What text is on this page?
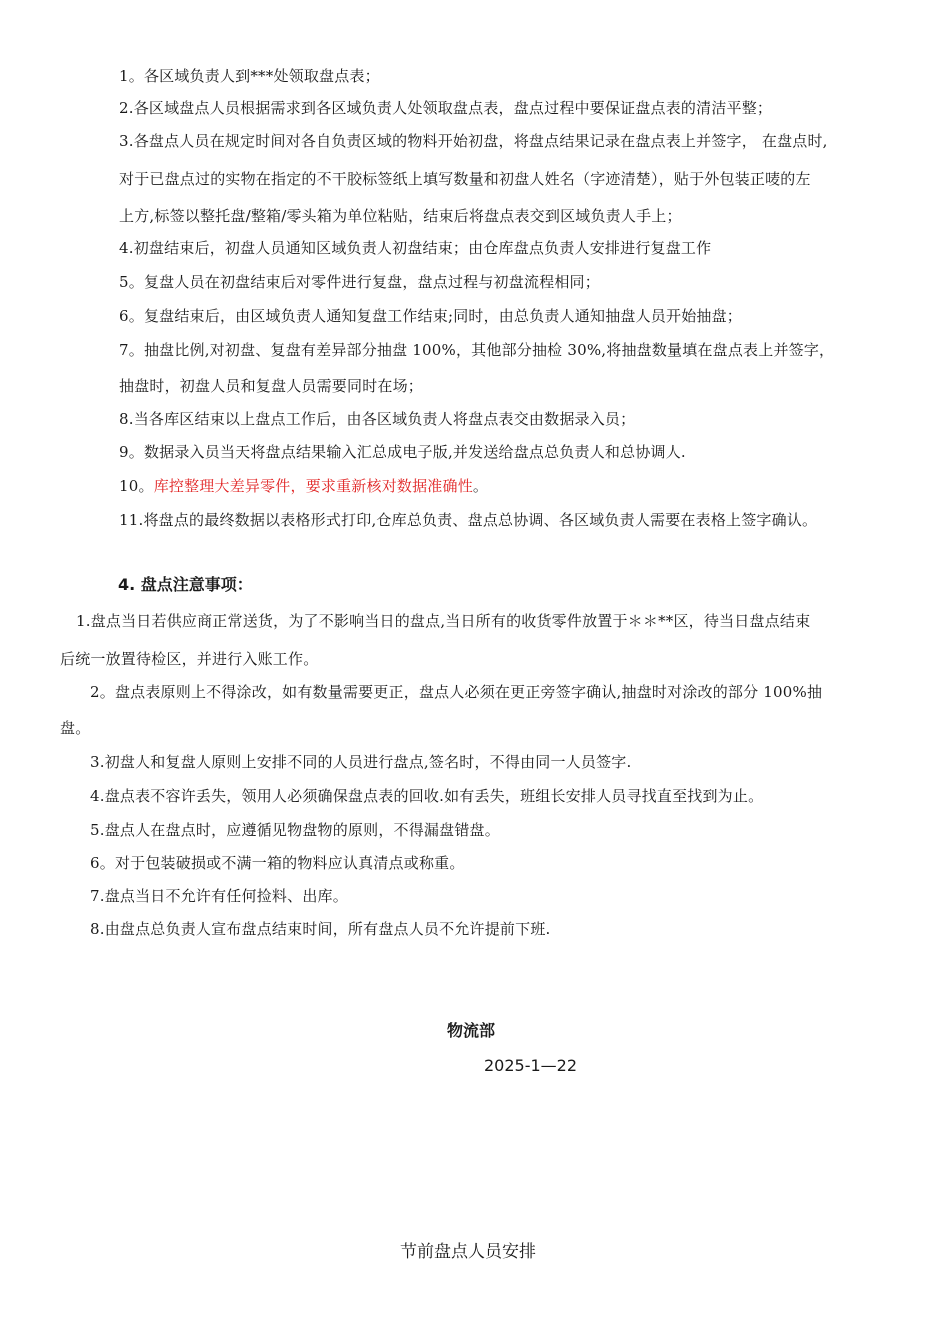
1。各区域负责人到***处领取盘点表；
2.各区域盘点人员根据需求到各区域负责人处领取盘点表，盘点过程中要保证盘点表的清洁平整；
3.各盘点人员在规定时间对各自负责区域的物料开始初盘，将盘点结果记录在盘点表上并签字， 在盘点时,
对于已盘点过的实物在指定的不干胶标签纸上填写数量和初盘人姓名（字迹清楚），贴于外包装正唛的左
上方,标签以整托盘/整箱/零头箱为单位粘贴，结束后将盘点表交到区域负责人手上；
4.初盘结束后，初盘人员通知区域负责人初盘结束；由仓库盘点负责人安排进行复盘工作
5。复盘人员在初盘结束后对零件进行复盘，盘点过程与初盘流程相同；
6。复盘结束后，由区域负责人通知复盘工作结束;同时，由总负责人通知抽盘人员开始抽盘；
7。抽盘比例,对初盘、复盘有差异部分抽盘 100%，其他部分抽检 30%,将抽盘数量填在盘点表上并签字，
抽盘时，初盘人员和复盘人员需要同时在场；
8.当各库区结束以上盘点工作后，由各区域负责人将盘点表交由数据录入员；
9。数据录入员当天将盘点结果输入汇总成电子版,并发送给盘点总负责人和总协调人.
10。库控整理大差异零件，要求重新核对数据准确性。
11.将盘点的最终数据以表格形式打印,仓库总负责、盘点总协调、各区域负责人需要在表格上签字确认。
4. 盘点注意事项：
1.盘点当日若供应商正常送货，为了不影响当日的盘点,当日所有的收货零件放置于＊＊**区，待当日盘点结束
后统一放置待检区，并进行入账工作。
2。盘点表原则上不得涂改，如有数量需要更正，盘点人必须在更正旁签字确认,抽盘时对涂改的部分 100%抽
盘。
3.初盘人和复盘人原则上安排不同的人员进行盘点,签名时，不得由同一人员签字.
4.盘点表不容许丢失，领用人必须确保盘点表的回收.如有丢失，班组长安排人员寻找直至找到为止。
5.盘点人在盘点时，应遵循见物盘物的原则，不得漏盘错盘。
6。对于包装破损或不满一箱的物料应认真清点或称重。
7.盘点当日不允许有任何捡料、出库。
8.由盘点总负责人宣布盘点结束时间，所有盘点人员不允许提前下班.
物流部
2025-1—22
节前盘点人员安排
